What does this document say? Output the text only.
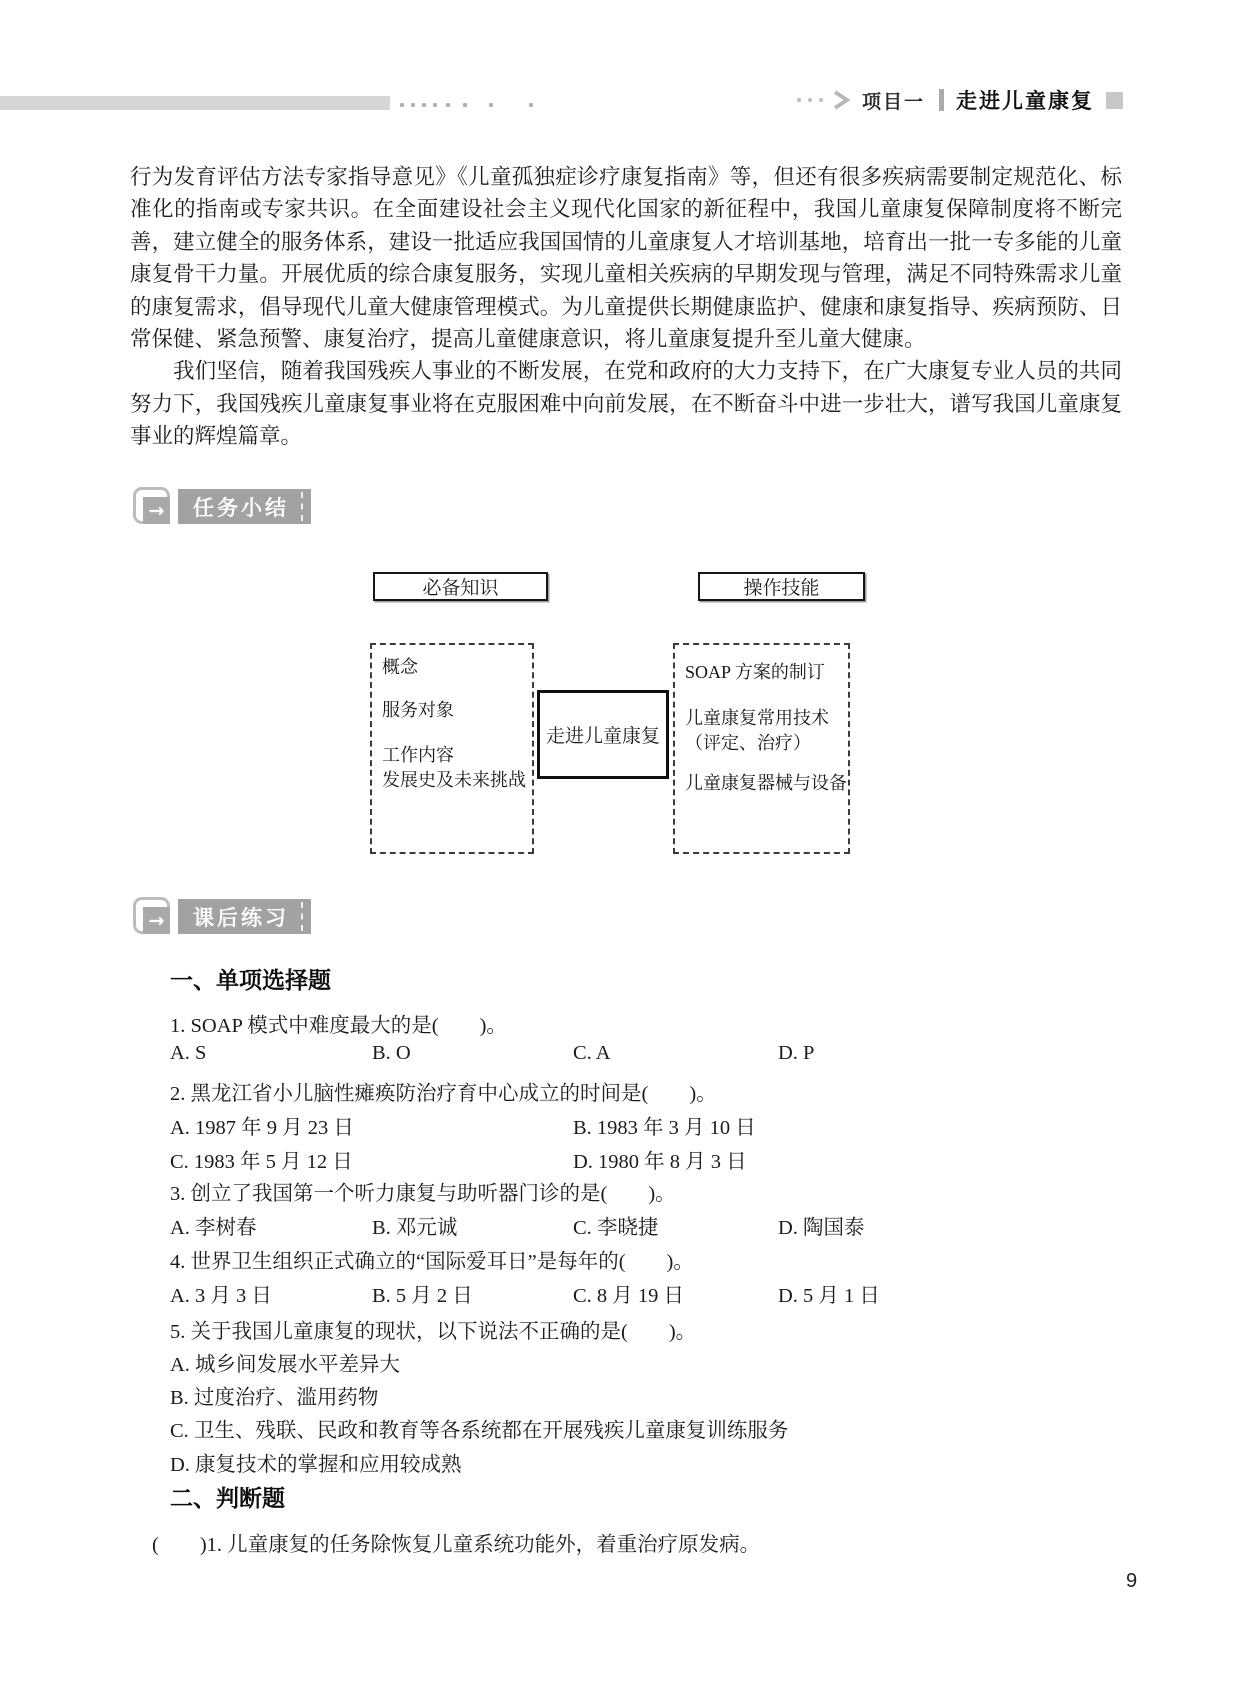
项目一 走进儿童康复

行为发育评估方法专家指导意见》《儿童孤独症诊疗康复指南》等，但还有很多疾病需要制定规范化、标准化的指南或专家共识。在全面建设社会主义现代化国家的新征程中，我国儿童康复保障制度将不断完善，建立健全的服务体系，建设一批适应我国国情的儿童康复人才培训基地，培育出一批一专多能的儿童康复骨干力量。开展优质的综合康复服务，实现儿童相关疾病的早期发现与管理，满足不同特殊需求儿童的康复需求，倡导现代儿童大健康管理模式。为儿童提供长期健康监护、健康和康复指导、疾病预防、日常保健、紧急预警、康复治疗，提高儿童健康意识，将儿童康复提升至儿童大健康。

我们坚信，随着我国残疾人事业的不断发展，在党和政府的大力支持下，在广大康复专业人员的共同努力下，我国残疾儿童康复事业将在克服困难中向前发展，在不断奋斗中进一步壮大，谱写我国儿童康复事业的辉煌篇章。

→ 任务小结
必备知识	操作技能
概念
服务对象
工作内容
发展史及未来挑战
走进儿童康复
SOAP 方案的制订
儿童康复常用技术
（评定、治疗）
儿童康复器械与设备
→ 课后练习
一、单项选择题
1. SOAP 模式中难度最大的是(　　)。
A. S	B. O	C. A	D. P
2. 黑龙江省小儿脑性瘫痪防治疗育中心成立的时间是(　　)。
A. 1987 年 9 月 23 日	B. 1983 年 3 月 10 日
C. 1983 年 5 月 12 日	D. 1980 年 8 月 3 日
3. 创立了我国第一个听力康复与助听器门诊的是(　　)。
A. 李树春	B. 邓元诚	C. 李晓捷	D. 陶国泰
4. 世界卫生组织正式确立的“国际爱耳日”是每年的(　　)。
A. 3 月 3 日	B. 5 月 2 日	C. 8 月 19 日	D. 5 月 1 日
5. 关于我国儿童康复的现状，以下说法不正确的是(　　)。
A. 城乡间发展水平差异大
B. 过度治疗、滥用药物
C. 卫生、残联、民政和教育等各系统都在开展残疾儿童康复训练服务
D. 康复技术的掌握和应用较成熟
二、判断题
(　　)1. 儿童康复的任务除恢复儿童系统功能外，着重治疗原发病。
9
